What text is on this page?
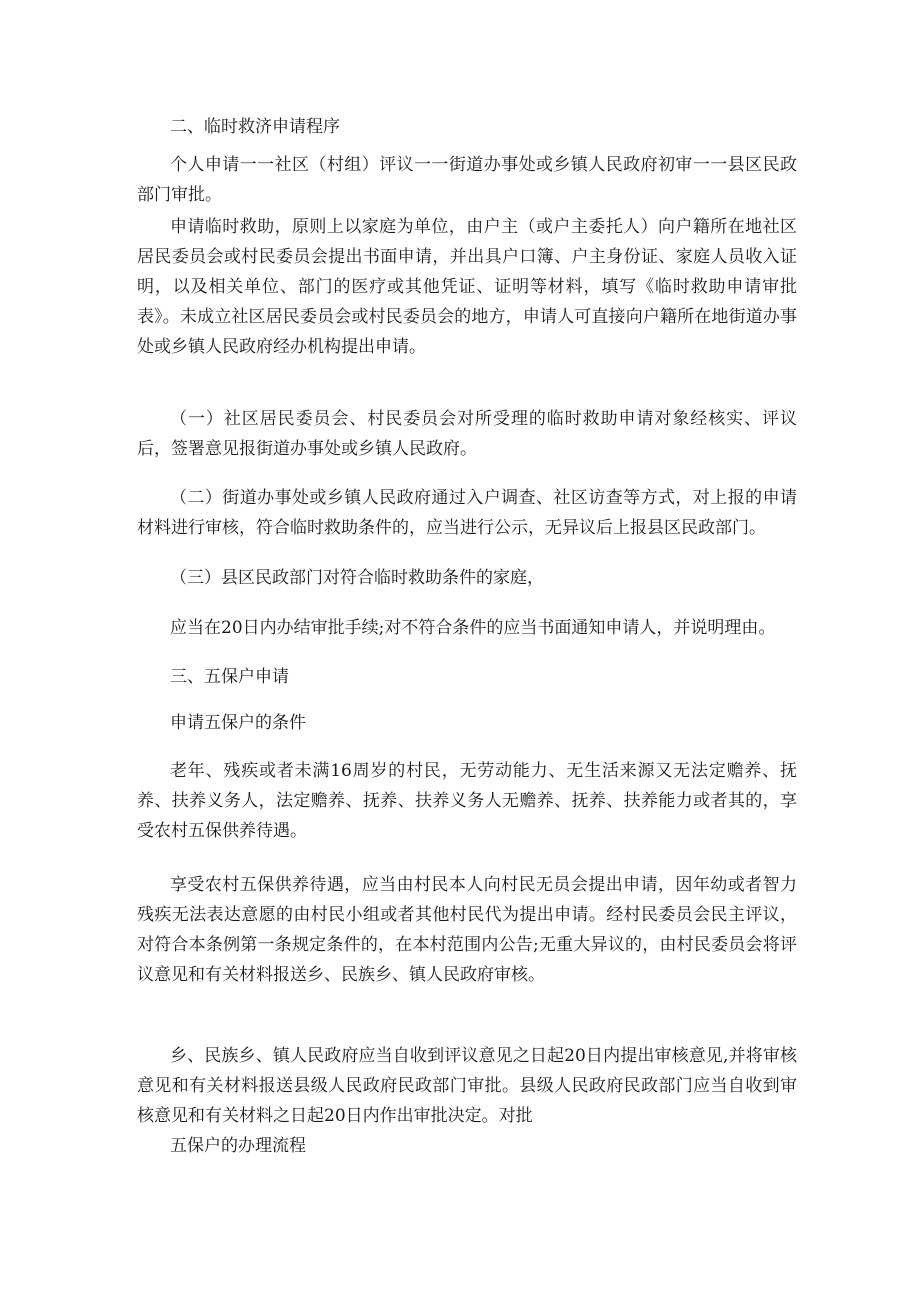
二、临时救济申请程序

个人申请一一社区（村组）评议一一街道办事处或乡镇人民政府初审一一县区民政部门审批。

申请临时救助，原则上以家庭为单位，由户主（或户主委托人）向户籍所在地社区居民委员会或村民委员会提出书面申请，并出具户口簿、户主身份证、家庭人员收入证明，以及相关单位、部门的医疗或其他凭证、证明等材料，填写《临时救助申请审批表》。未成立社区居民委员会或村民委员会的地方，申请人可直接向户籍所在地街道办事处或乡镇人民政府经办机构提出申请。

（一）社区居民委员会、村民委员会对所受理的临时救助申请对象经核实、评议后，签署意见报街道办事处或乡镇人民政府。

（二）街道办事处或乡镇人民政府通过入户调查、社区访查等方式，对上报的申请材料进行审核，符合临时救助条件的，应当进行公示，无异议后上报县区民政部门。

（三）县区民政部门对符合临时救助条件的家庭，

应当在20日内办结审批手续;对不符合条件的应当书面通知申请人，并说明理由。

三、五保户申请

申请五保户的条件

老年、残疾或者未满16周岁的村民，无劳动能力、无生活来源又无法定赡养、抚养、扶养义务人，法定赡养、抚养、扶养义务人无赡养、抚养、扶养能力或者其的，享受农村五保供养待遇。

享受农村五保供养待遇，应当由村民本人向村民无员会提出申请，因年幼或者智力残疾无法表达意愿的由村民小组或者其他村民代为提出申请。经村民委员会民主评议，对符合本条例第一条规定条件的，在本村范围内公告;无重大异议的，由村民委员会将评议意见和有关材料报送乡、民族乡、镇人民政府审核。

乡、民族乡、镇人民政府应当自收到评议意见之日起20日内提出审核意见,并将审核意见和有关材料报送县级人民政府民政部门审批。县级人民政府民政部门应当自收到审核意见和有关材料之日起20日内作出审批决定。对批

五保户的办理流程
